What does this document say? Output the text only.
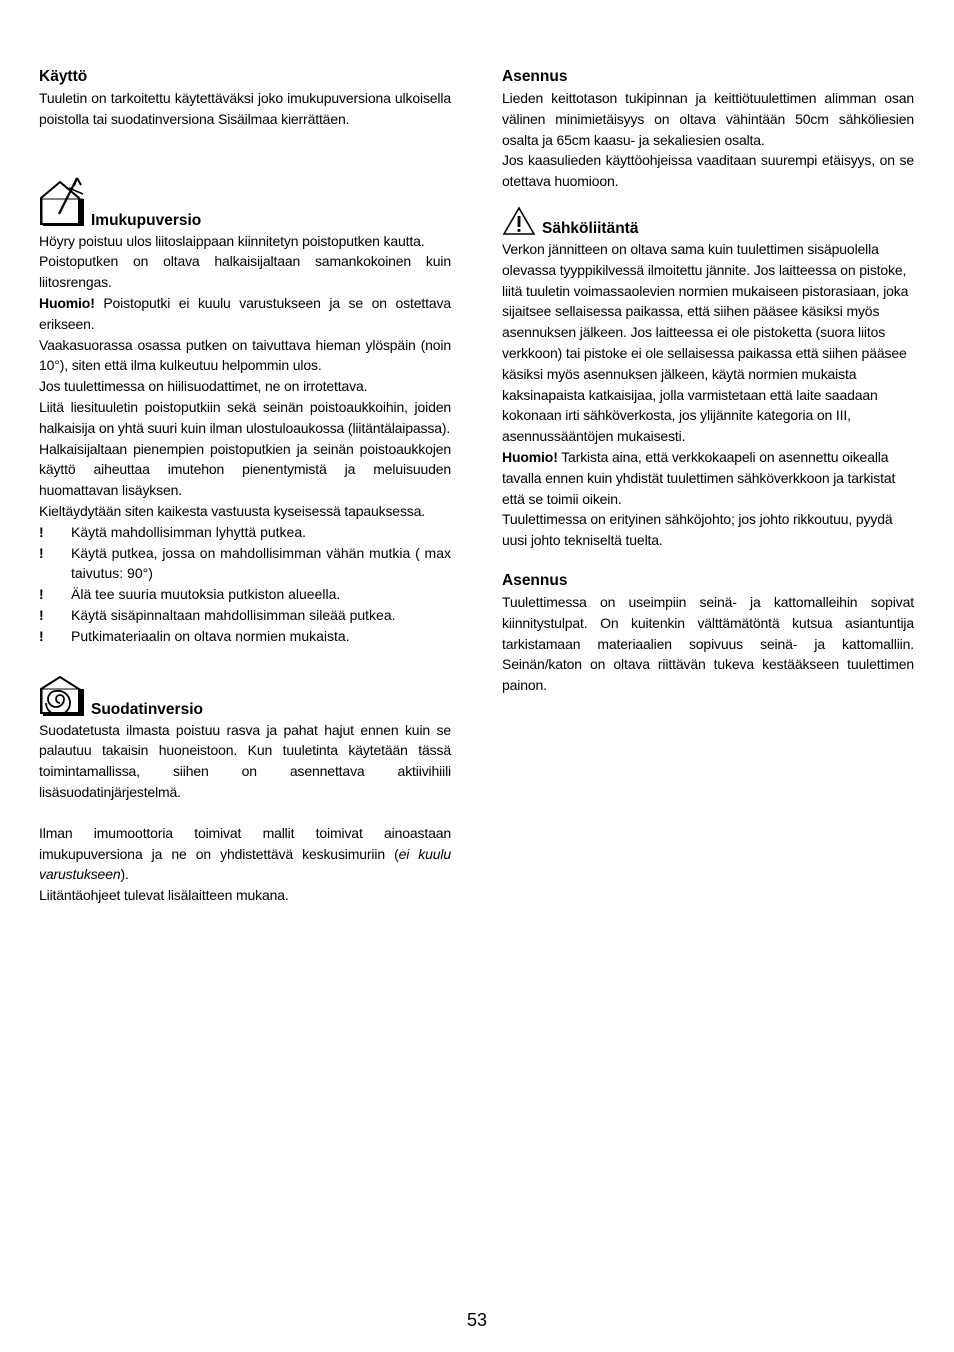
Käyttö

Tuuletin on tarkoitettu käytettäväksi joko imukupuversiona ulkoisella poistolla tai suodatinversiona Sisäilmaa kierrättäen.

Imukupuversio

Höyry poistuu ulos liitoslaippaan kiinnitetyn poistoputken kautta.

Poistoputken on oltava halkaisijaltaan samankokoinen kuin liitosrengas.

Huomio! Poistoputki ei kuulu varustukseen ja se on ostettava erikseen.

Vaakasuorassa osassa putken on taivuttava hieman ylöspäin (noin 10°), siten että ilma kulkeutuu helpommin ulos.

Jos tuulettimessa on hiilisuodattimet, ne on irrotettava.

Liitä liesituuletin poistoputkiin sekä seinän poistoaukkoihin, joiden halkaisija on yhtä suuri kuin ilman ulostuloaukossa (liitäntälaipassa).

Halkaisijaltaan pienempien poistoputkien ja seinän poistoaukkojen käyttö aiheuttaa imutehon pienentymistä ja meluisuuden huomattavan lisäyksen.

Kieltäydytään siten kaikesta vastuusta kyseisessä tapauksessa.

!	Käytä mahdollisimman lyhyttä putkea.
!	Käytä putkea, jossa on mahdollisimman vähän mutkia ( max taivutus: 90°)
!	Älä tee suuria muutoksia putkiston alueella.
!	Käytä sisäpinnaltaan mahdollisimman sileää putkea.
!	Putkimateriaalin on oltava normien mukaista.
Suodatinversio

Suodatetusta ilmasta poistuu rasva ja pahat hajut ennen kuin se palautuu takaisin huoneistoon. Kun tuuletinta käytetään tässä toimintamallissa, siihen on asennettava aktiivihiili lisäsuodatinjärjestelmä.

Ilman imumoottoria toimivat mallit toimivat ainoastaan imukupuversiona ja ne on yhdistettävä keskusimuriin (ei kuulu varustukseen).

Liitäntäohjeet tulevat lisälaitteen mukana.

Asennus

Lieden keittotason tukipinnan ja keittiötuulettimen alimman osan välinen minimietäisyys on oltava vähintään 50cm sähköliesien osalta ja 65cm kaasu- ja sekaliesien osalta.

Jos kaasulieden käyttöohjeissa vaaditaan suurempi etäisyys, on se otettava huomioon.

Sähköliitäntä

Verkon jännitteen on oltava sama kuin tuulettimen sisäpuolella olevassa tyyppikilvessä ilmoitettu jännite. Jos laitteessa on pistoke, liitä tuuletin voimassaolevien normien mukaiseen pistorasiaan, joka sijaitsee sellaisessa paikassa, että siihen pääsee käsiksi myös asennuksen jälkeen. Jos laitteessa ei ole pistoketta (suora liitos verkkoon) tai pistoke ei ole sellaisessa paikassa että siihen pääsee käsiksi myös asennuksen jälkeen, käytä normien mukaista kaksinapaista katkaisijaa, jolla varmistetaan että laite saadaan kokonaan irti sähköverkosta, jos ylijännite kategoria on III, asennussääntöjen mukaisesti.

Huomio! Tarkista aina, että verkkokaapeli on asennettu oikealla tavalla ennen kuin yhdistät tuulettimen sähköverkkoon ja tarkistat että se toimii oikein.

Tuulettimessa on erityinen sähköjohto; jos johto rikkoutuu, pyydä uusi johto tekniseltä tuelta.

Asennus

Tuulettimessa on useimpiin seinä- ja kattomalleihin sopivat kiinnitystulpat. On kuitenkin välttämätöntä kutsua asiantuntija tarkistamaan materiaalien sopivuus seinä- ja kattomalliin. Seinän/katon on oltava riittävän tukeva kestääkseen tuulettimen painon.

53
